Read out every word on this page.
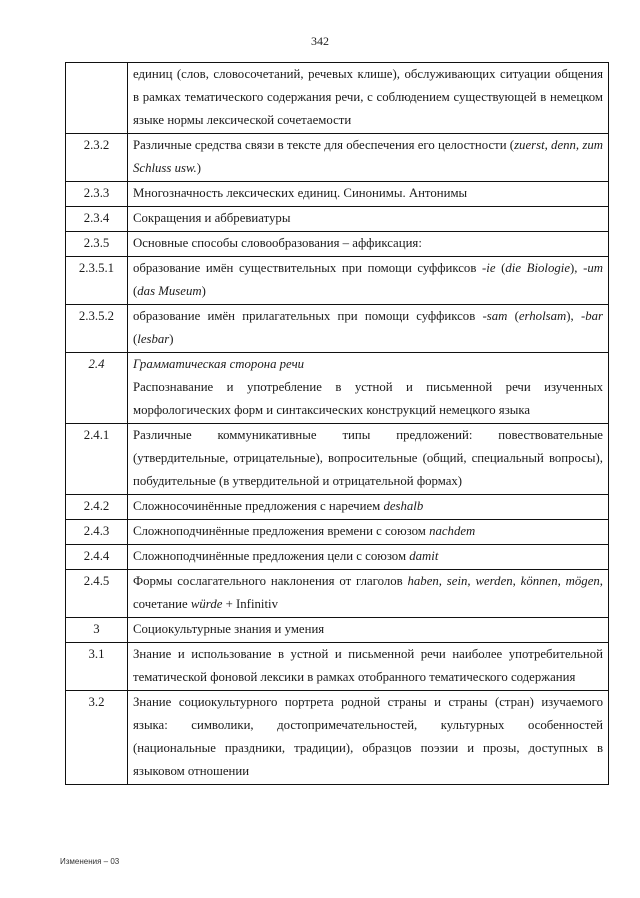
342

	единиц (слов, словосочетаний, речевых клише), обслуживающих ситуации общения в рамках тематического содержания речи, с соблюдением существующей в немецком языке нормы лексической сочетаемости

2.3.2	Различные средства связи в тексте для обеспечения его целостности (zuerst, denn, zum Schluss usw.)

2.3.3	Многозначность лексических единиц. Синонимы. Антонимы

2.3.4	Сокращения и аббревиатуры

2.3.5	Основные способы словообразования – аффиксация:

2.3.5.1	образование имён существительных при помощи суффиксов -ie (die Biologie), -um (das Museum)

2.3.5.2	образование имён прилагательных при помощи суффиксов -sam (erholsam), -bar (lesbar)

2.4	Грамматическая сторона речи
Распознавание и употребление в устной и письменной речи изученных морфологических форм и синтаксических конструкций немецкого языка

2.4.1	Различные коммуникативные типы предложений: повествовательные (утвердительные, отрицательные), вопросительные (общий, специальный вопросы), побудительные (в утвердительной и отрицательной формах)

2.4.2	Сложносочинённые предложения с наречием deshalb

2.4.3	Сложноподчинённые предложения времени с союзом nachdem

2.4.4	Сложноподчинённые предложения цели с союзом damit

2.4.5	Формы сослагательного наклонения от глаголов haben, sein, werden, können, mögen, сочетание würde + Infinitiv

3	Социокультурные знания и умения

3.1	Знание и использование в устной и письменной речи наиболее употребительной тематической фоновой лексики в рамках отобранного тематического содержания

3.2	Знание социокультурного портрета родной страны и страны (стран) изучаемого языка: символики, достопримечательностей, культурных особенностей (национальные праздники, традиции), образцов поэзии и прозы, доступных в языковом отношении
Изменения – 03
